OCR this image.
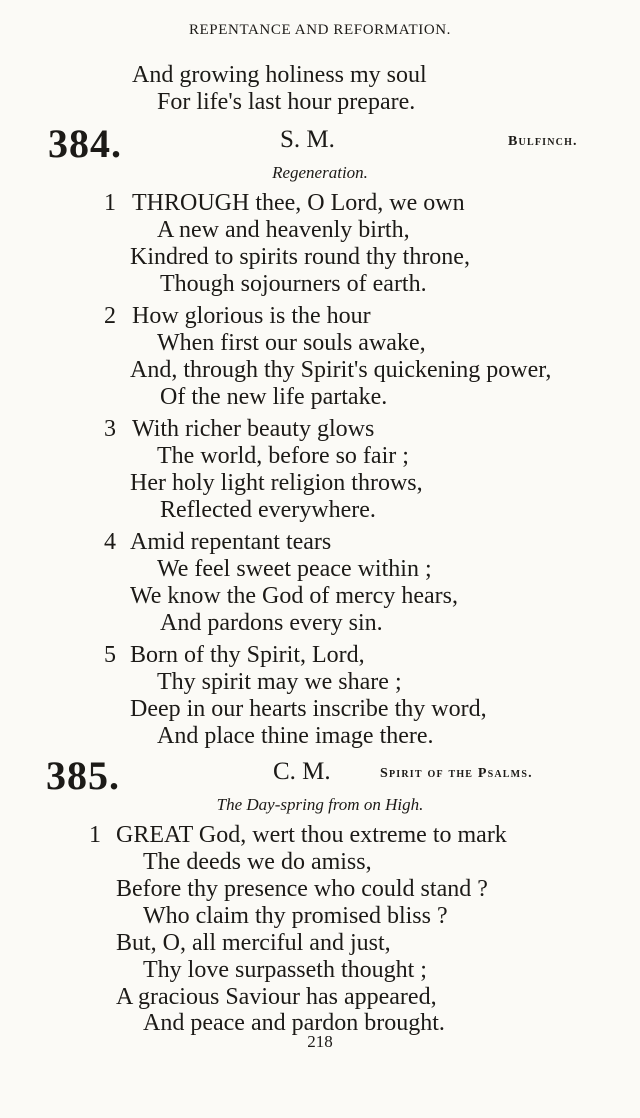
REPENTANCE AND REFORMATION.
And growing holiness my soul
For life's last hour prepare.
384.	S. M.	Bulfinch.
Regeneration.
1 THROUGH thee, O Lord, we own
A new and heavenly birth,
Kindred to spirits round thy throne,
Though sojourners of earth.
2 How glorious is the hour
When first our souls awake,
And, through thy Spirit's quickening power,
Of the new life partake.
3 With richer beauty glows
The world, before so fair ;
Her holy light religion throws,
Reflected everywhere.
4 Amid repentant tears
We feel sweet peace within ;
We know the God of mercy hears,
And pardons every sin.
5 Born of thy Spirit, Lord,
Thy spirit may we share ;
Deep in our hearts inscribe thy word,
And place thine image there.
385.	C. M.	Spirit of the Psalms.
The Day-spring from on High.
1 GREAT God, wert thou extreme to mark
The deeds we do amiss,
Before thy presence who could stand ?
Who claim thy promised bliss ?
But, O, all merciful and just,
Thy love surpasseth thought ;
A gracious Saviour has appeared,
And peace and pardon brought.
218
